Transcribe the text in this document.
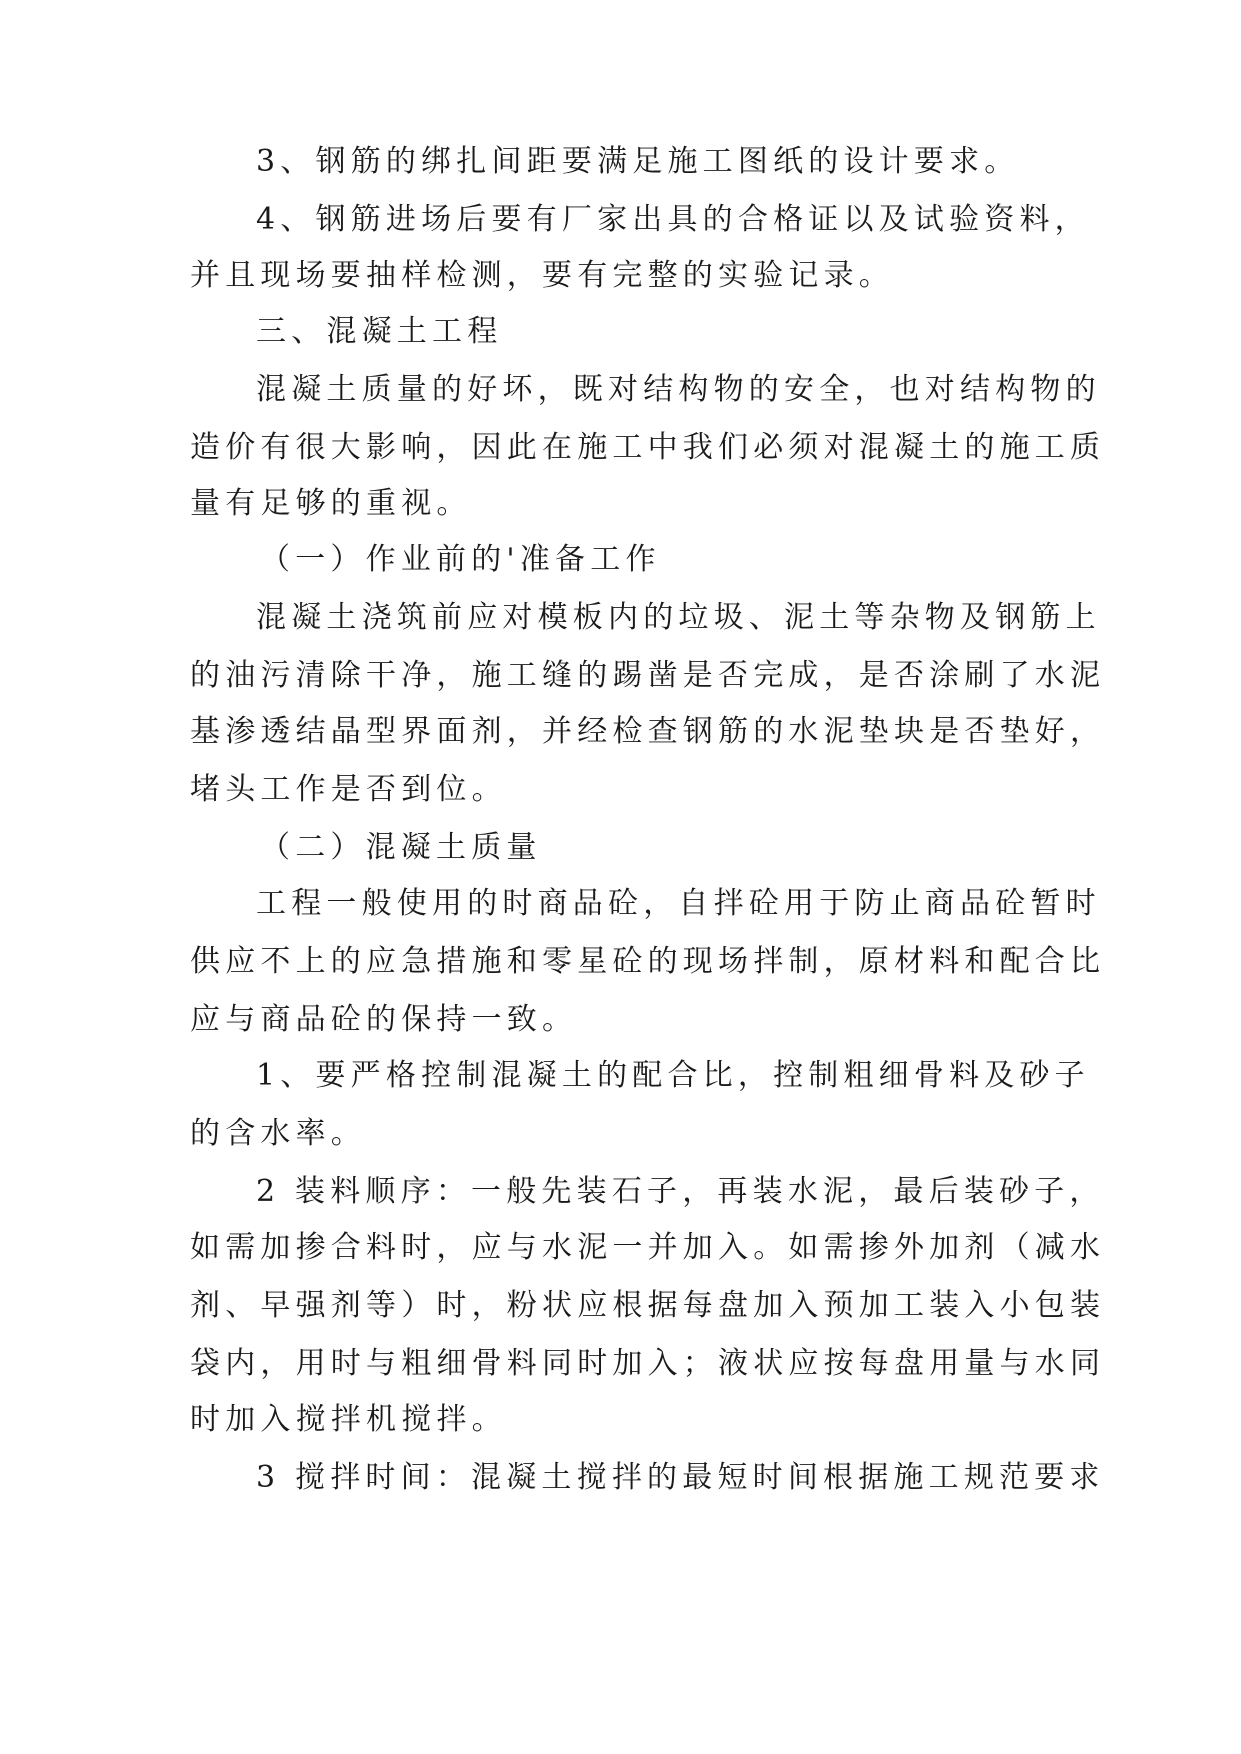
3、钢筋的绑扎间距要满足施工图纸的设计要求。
4、钢筋进场后要有厂家出具的合格证以及试验资料，
并且现场要抽样检测，要有完整的实验记录。
三、混凝土工程
混凝土质量的好坏，既对结构物的安全，也对结构物的
造价有很大影响，因此在施工中我们必须对混凝土的施工质
量有足够的重视。
（一）作业前的'准备工作
混凝土浇筑前应对模板内的垃圾、泥土等杂物及钢筋上
的油污清除干净，施工缝的踢凿是否完成，是否涂刷了水泥
基渗透结晶型界面剂，并经检查钢筋的水泥垫块是否垫好，
堵头工作是否到位。
（二）混凝土质量
工程一般使用的时商品砼，自拌砼用于防止商品砼暂时
供应不上的应急措施和零星砼的现场拌制，原材料和配合比
应与商品砼的保持一致。
1、要严格控制混凝土的配合比，控制粗细骨料及砂子
的含水率。
2 装料顺序：一般先装石子，再装水泥，最后装砂子，
如需加掺合料时，应与水泥一并加入。如需掺外加剂（减水
剂、早强剂等）时，粉状应根据每盘加入预加工装入小包装
袋内，用时与粗细骨料同时加入；液状应按每盘用量与水同
时加入搅拌机搅拌。
3 搅拌时间：混凝土搅拌的最短时间根据施工规范要求
